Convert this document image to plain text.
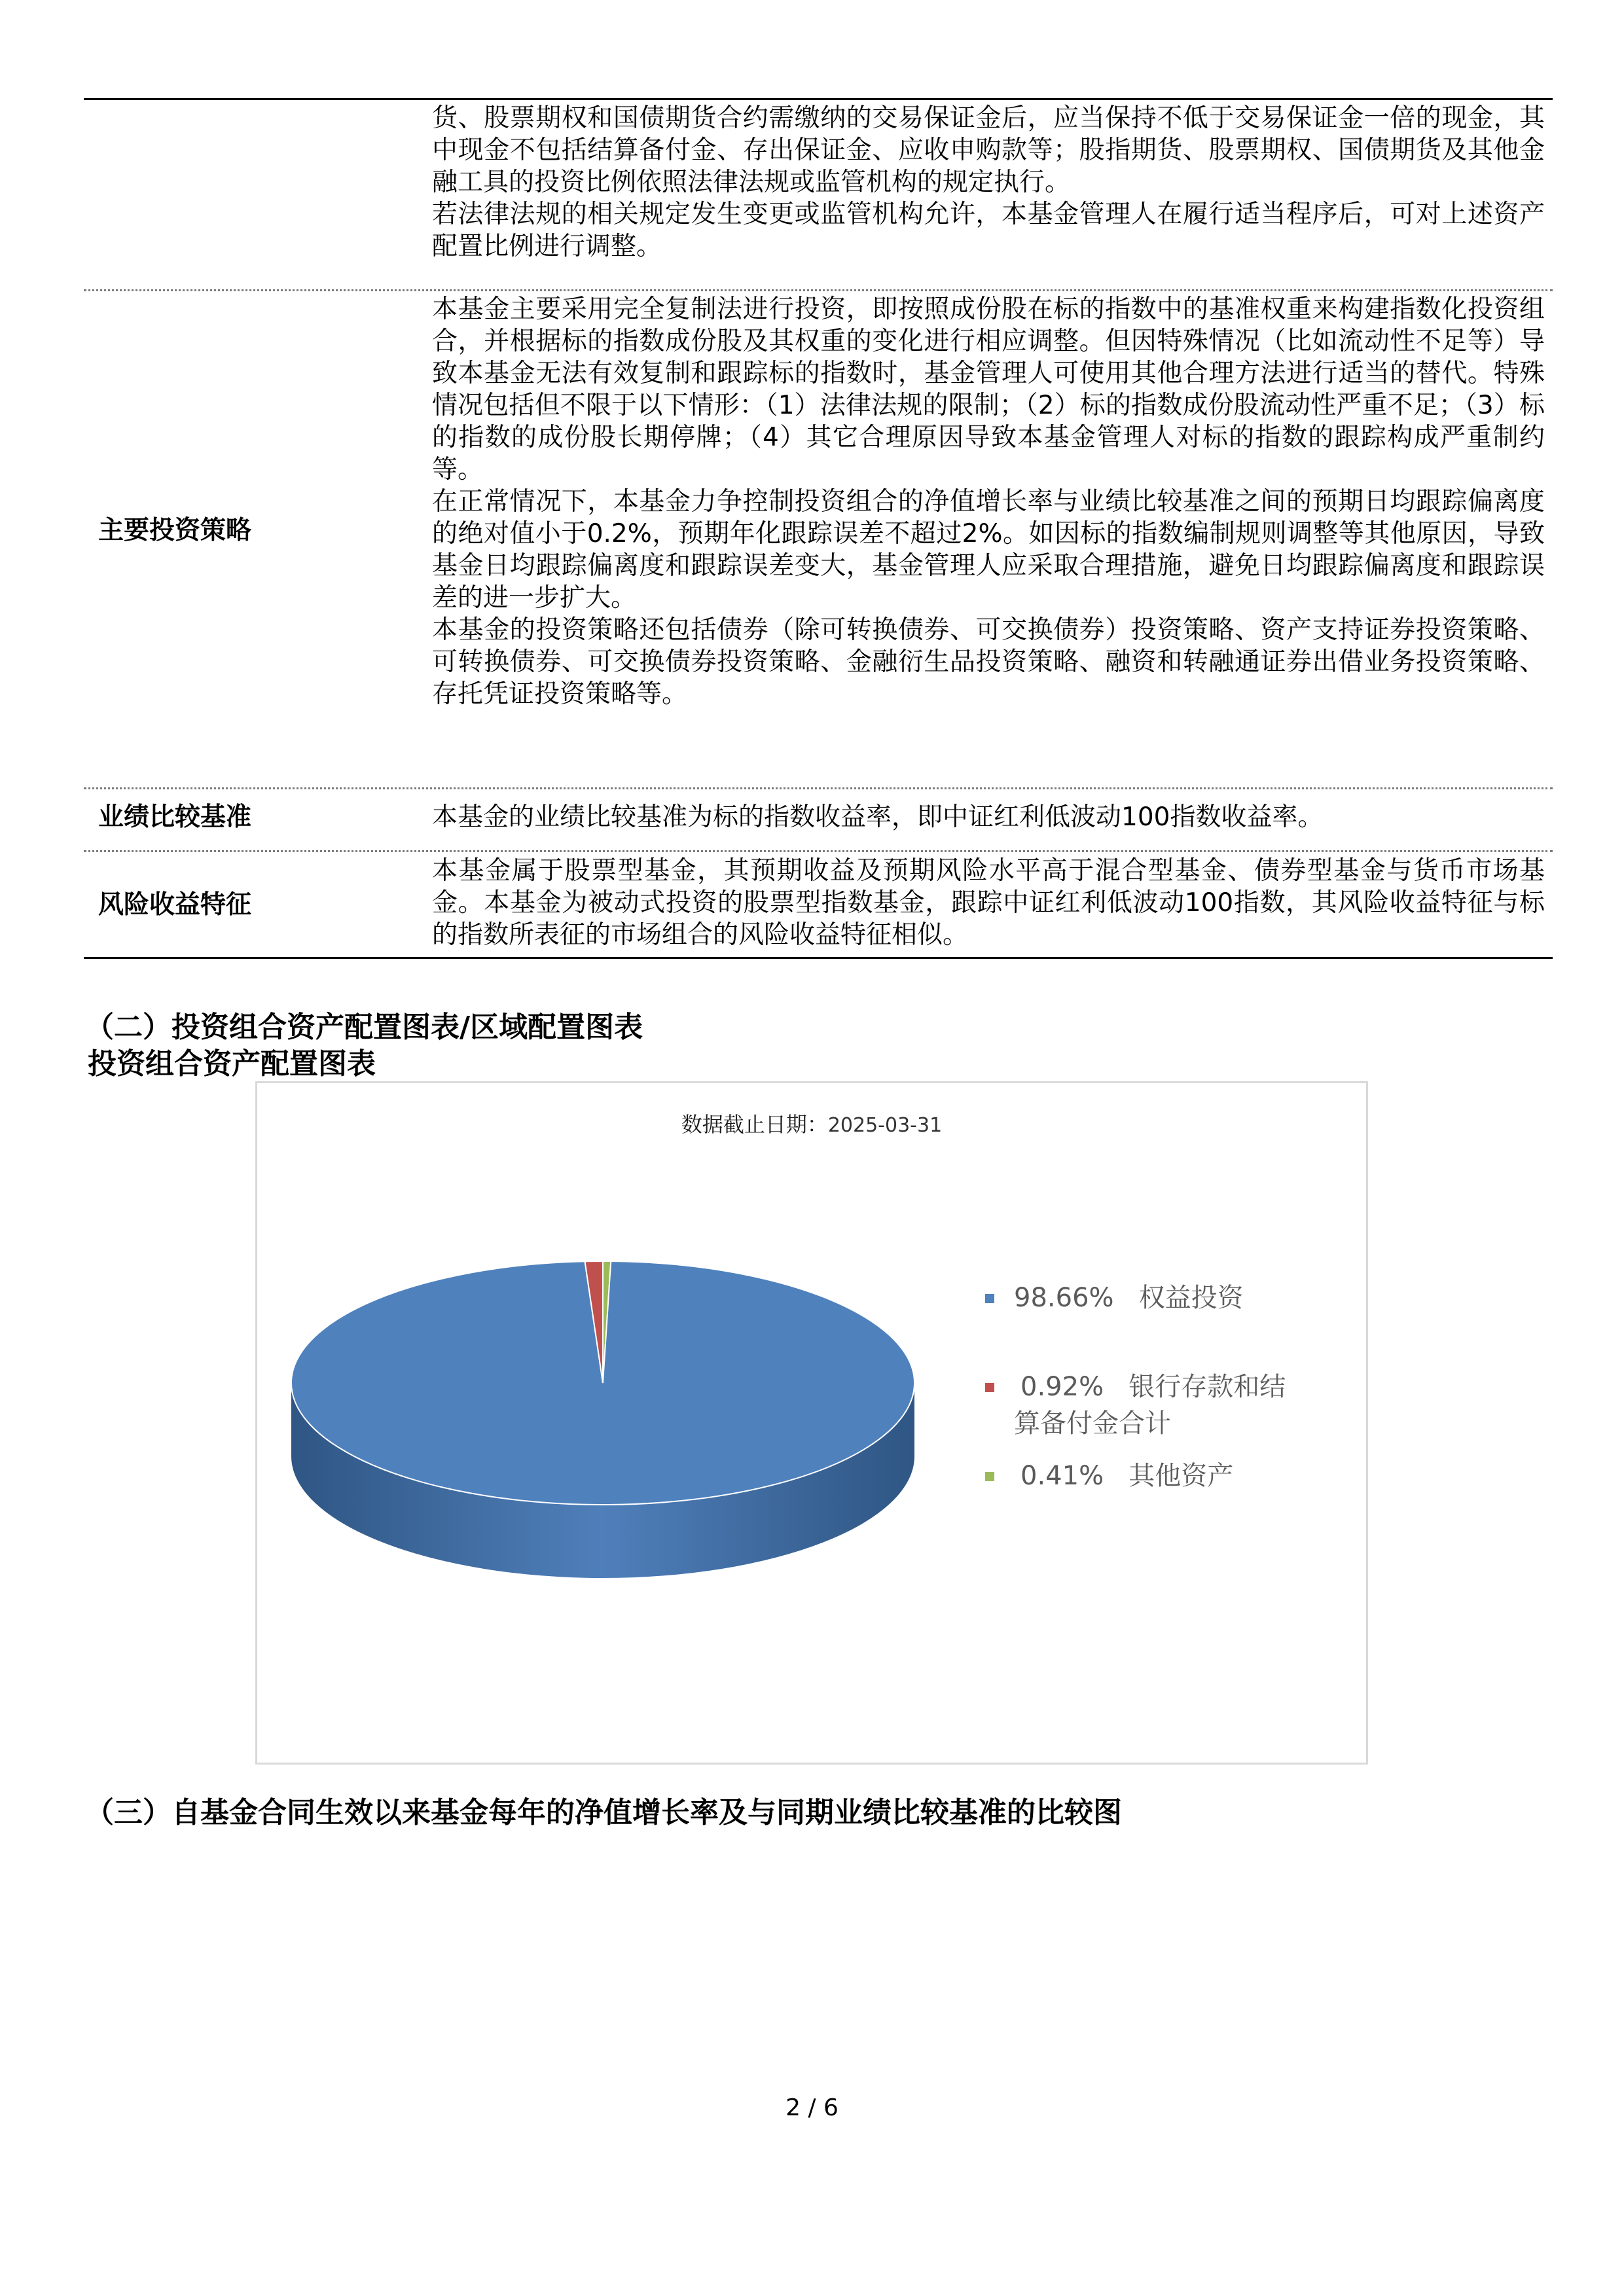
货、股票期权和国债期货合约需缴纳的交易保证金后，应当保持不低于交易保证金一倍的现金，其中现金不包括结算备付金、存出保证金、应收申购款等；股指期货、股票期权、国债期货及其他金融工具的投资比例依照法律法规或监管机构的规定执行。

若法律法规的相关规定发生变更或监管机构允许，本基金管理人在履行适当程序后，可对上述资产配置比例进行调整。

主要投资策略

本基金主要采用完全复制法进行投资，即按照成份股在标的指数中的基准权重来构建指数化投资组合，并根据标的指数成份股及其权重的变化进行相应调整。但因特殊情况（比如流动性不足等）导致本基金无法有效复制和跟踪标的指数时，基金管理人可使用其他合理方法进行适当的替代。特殊情况包括但不限于以下情形：（1）法律法规的限制；（2）标的指数成份股流动性严重不足；（3）标的指数的成份股长期停牌；（4）其它合理原因导致本基金管理人对标的指数的跟踪构成严重制约等。

在正常情况下，本基金力争控制投资组合的净值增长率与业绩比较基准之间的预期日均跟踪偏离度的绝对值小于0.2%，预期年化跟踪误差不超过2%。如因标的指数编制规则调整等其他原因，导致基金日均跟踪偏离度和跟踪误差变大，基金管理人应采取合理措施，避免日均跟踪偏离度和跟踪误差的进一步扩大。

本基金的投资策略还包括债券（除可转换债券、可交换债券）投资策略、资产支持证券投资策略、可转换债券、可交换债券投资策略、金融衍生品投资策略、融资和转融通证券出借业务投资策略、存托凭证投资策略等。

业绩比较基准	本基金的业绩比较基准为标的指数收益率，即中证红利低波动100指数收益率。

风险收益特征

本基金属于股票型基金，其预期收益及预期风险水平高于混合型基金、债券型基金与货币市场基金。本基金为被动式投资的股票型指数基金，跟踪中证红利低波动100指数，其风险收益特征与标的指数所表征的市场组合的风险收益特征相似。

（二）投资组合资产配置图表/区域配置图表
投资组合资产配置图表
数据截止日期：2025-03-31
98.66% 权益投资
0.92% 银行存款和结算备付金合计
0.41% 其他资产
（三）自基金合同生效以来基金每年的净值增长率及与同期业绩比较基准的比较图
2 / 6
